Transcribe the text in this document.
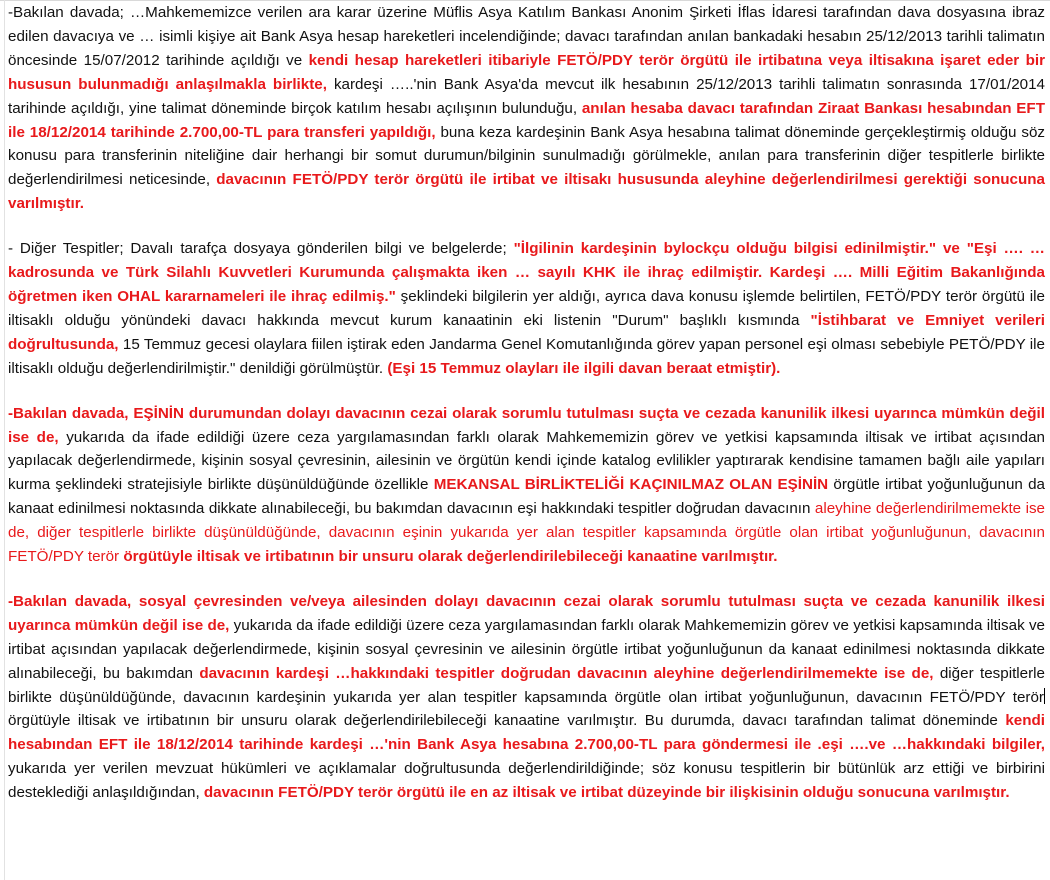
-Bakılan davada; …Mahkememizce verilen ara karar üzerine Müflis Asya Katılım Bankası Anonim Şirketi İflas İdaresi tarafından dava dosyasına ibraz edilen davacıya ve … isimli kişiye ait Bank Asya hesap hareketleri incelendiğinde; davacı tarafından anılan bankadaki hesabın 25/12/2013 tarihli talimatın öncesinde 15/07/2012 tarihinde açıldığı ve kendi hesap hareketleri itibariyle FETÖ/PDY terör örgütü ile irtibatına veya iltisakına işaret eder bir hususun bulunmadığı anlaşılmakla birlikte, kardeşi …..'nin Bank Asya'da mevcut ilk hesabının 25/12/2013 tarihli talimatın sonrasında 17/01/2014 tarihinde açıldığı, yine talimat döneminde birçok katılım hesabı açılışının bulunduğu, anılan hesaba davacı tarafından Ziraat Bankası hesabından EFT ile 18/12/2014 tarihinde 2.700,00-TL para transferi yapıldığı, buna keza kardeşinin Bank Asya hesabına talimat döneminde gerçekleştirmiş olduğu söz konusu para transferinin niteliğine dair herhangi bir somut durumun/bilginin sunulmadığı görülmekle, anılan para transferinin diğer tespitlerle birlikte değerlendirilmesi neticesinde, davacının FETÖ/PDY terör örgütü ile irtibat ve iltisakı hususunda aleyhine değerlendirilmesi gerektiği sonucuna varılmıştır.

- Diğer Tespitler; Davalı tarafça dosyaya gönderilen bilgi ve belgelerde; "İlgilinin kardeşinin bylockçu olduğu bilgisi edinilmiştir." ve "Eşi …. … kadrosunda ve Türk Silahlı Kuvvetleri Kurumunda çalışmakta iken … sayılı KHK ile ihraç edilmiştir. Kardeşi …. Milli Eğitim Bakanlığında öğretmen iken OHAL kararnameleri ile ihraç edilmiş." şeklindeki bilgilerin yer aldığı, ayrıca dava konusu işlemde belirtilen, FETÖ/PDY terör örgütü ile iltisaklı olduğu yönündeki davacı hakkında mevcut kurum kanaatinin eki listenin "Durum" başlıklı kısmında "İstihbarat ve Emniyet verileri doğrultusunda, 15 Temmuz gecesi olaylara fiilen iştirak eden Jandarma Genel Komutanlığında görev yapan personel eşi olması sebebiyle PETÖ/PDY ile iltisaklı olduğu değerlendirilmiştir." denildiği görülmüştür. (Eşi 15 Temmuz olayları ile ilgili davan beraat etmiştir).

-Bakılan davada, EŞİNİN durumundan dolayı davacının cezai olarak sorumlu tutulması suçta ve cezada kanunilik ilkesi uyarınca mümkün değil ise de, yukarıda da ifade edildiği üzere ceza yargılamasından farklı olarak Mahkememizin görev ve yetkisi kapsamında iltisak ve irtibat açısından yapılacak değerlendirmede, kişinin sosyal çevresinin, ailesinin ve örgütün kendi içinde katalog evlilikler yaptırarak kendisine tamamen bağlı aile yapıları kurma şeklindeki stratejisiyle birlikte düşünüldüğünde özellikle MEKANSAL BİRLİKTELİĞİ KAÇINILMAZ OLAN EŞİNİN örgütle irtibat yoğunluğunun da kanaat edinilmesi noktasında dikkate alınabileceği, bu bakımdan davacının eşi hakkındaki tespitler doğrudan davacının aleyhine değerlendirilmemekte ise de, diğer tespitlerle birlikte düşünüldüğünde, davacının eşinin yukarıda yer alan tespitler kapsamında örgütle olan irtibat yoğunluğunun, davacının FETÖ/PDY terör örgütüyle iltisak ve irtibatının bir unsuru olarak değerlendirilebileceği kanaatine varılmıştır.

-Bakılan davada, sosyal çevresinden ve/veya ailesinden dolayı davacının cezai olarak sorumlu tutulması suçta ve cezada kanunilik ilkesi uyarınca mümkün değil ise de, yukarıda da ifade edildiği üzere ceza yargılamasından farklı olarak Mahkememizin görev ve yetkisi kapsamında iltisak ve irtibat açısından yapılacak değerlendirmede, kişinin sosyal çevresinin ve ailesinin örgütle irtibat yoğunluğunun da kanaat edinilmesi noktasında dikkate alınabileceği, bu bakımdan davacının kardeşi …hakkındaki tespitler doğrudan davacının aleyhine değerlendirilmemekte ise de, diğer tespitlerle birlikte düşünüldüğünde, davacının kardeşinin yukarıda yer alan tespitler kapsamında örgütle olan irtibat yoğunluğunun, davacının FETÖ/PDY terör örgütüyle iltisak ve irtibatının bir unsuru olarak değerlendirilebileceği kanaatine varılmıştır. Bu durumda, davacı tarafından talimat döneminde kendi hesabından EFT ile 18/12/2014 tarihinde kardeşi …'nin Bank Asya hesabına 2.700,00-TL para göndermesi ile .eşi ….ve …hakkındaki bilgiler, yukarıda yer verilen mevzuat hükümleri ve açıklamalar doğrultusunda değerlendirildiğinde; söz konusu tespitlerin bir bütünlük arz ettiği ve birbirini desteklediği anlaşıldığından, davacının FETÖ/PDY terör örgütü ile en az iltisak ve irtibat düzeyinde bir ilişkisinin olduğu sonucuna varılmıştır.
